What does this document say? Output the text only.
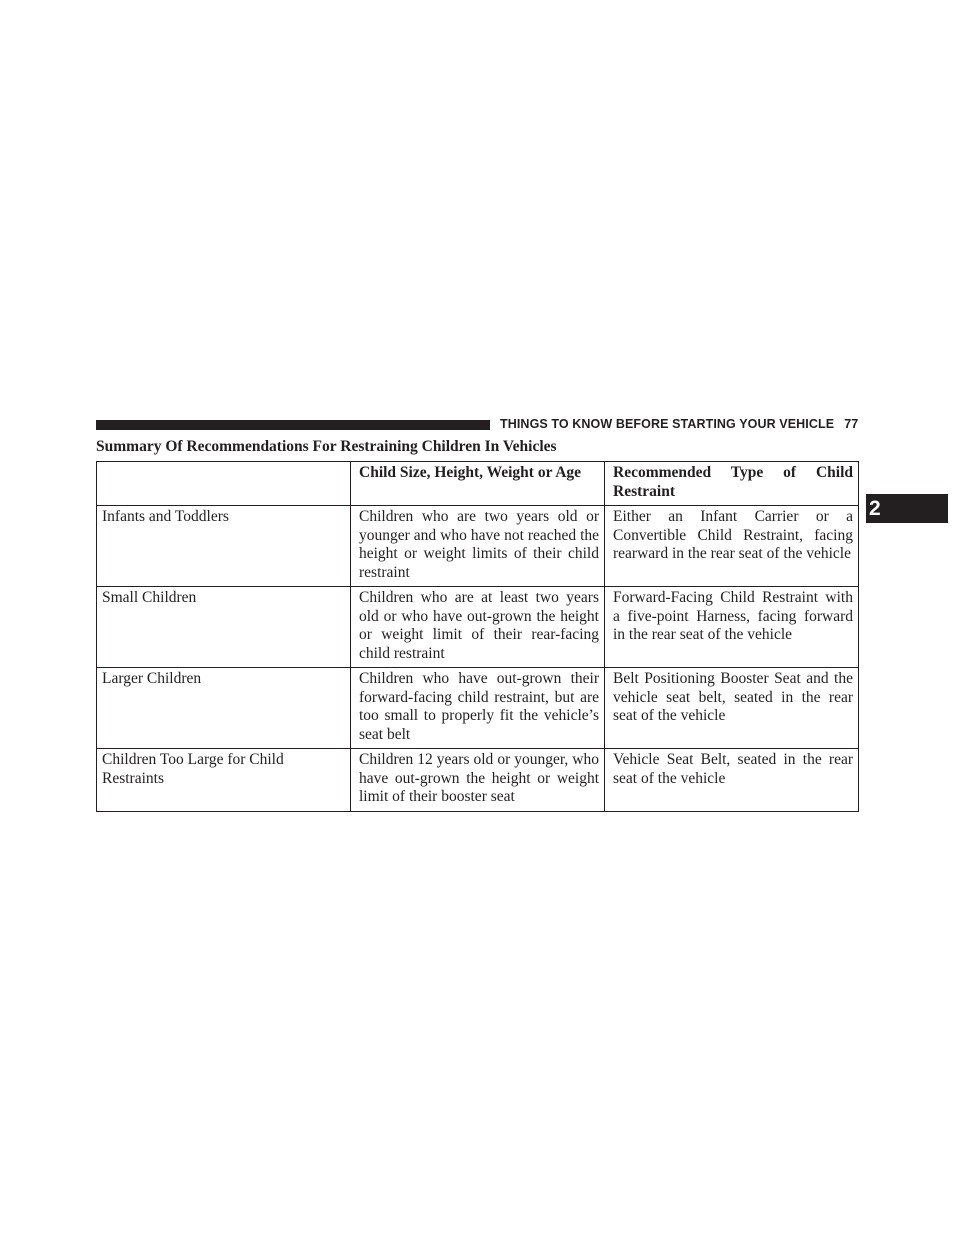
THINGS TO KNOW BEFORE STARTING YOUR VEHICLE 77
2
Summary Of Recommendations For Restraining Children In Vehicles
	Child Size, Height, Weight or Age	Recommended Type of Child Restraint
Infants and Toddlers	Children who are two years old or younger and who have not reached the height or weight limits of their child restraint	Either an Infant Carrier or a Convertible Child Restraint, facing rearward in the rear seat of the vehicle
Small Children	Children who are at least two years old or who have out-grown the height or weight limit of their rear-facing child restraint	Forward-Facing Child Restraint with a five-point Harness, facing forward in the rear seat of the vehicle
Larger Children	Children who have out-grown their forward-facing child restraint, but are too small to properly fit the vehicle’s seat belt	Belt Positioning Booster Seat and the vehicle seat belt, seated in the rear seat of the vehicle
Children Too Large for Child Restraints	Children 12 years old or younger, who have out-grown the height or weight limit of their booster seat	Vehicle Seat Belt, seated in the rear seat of the vehicle
